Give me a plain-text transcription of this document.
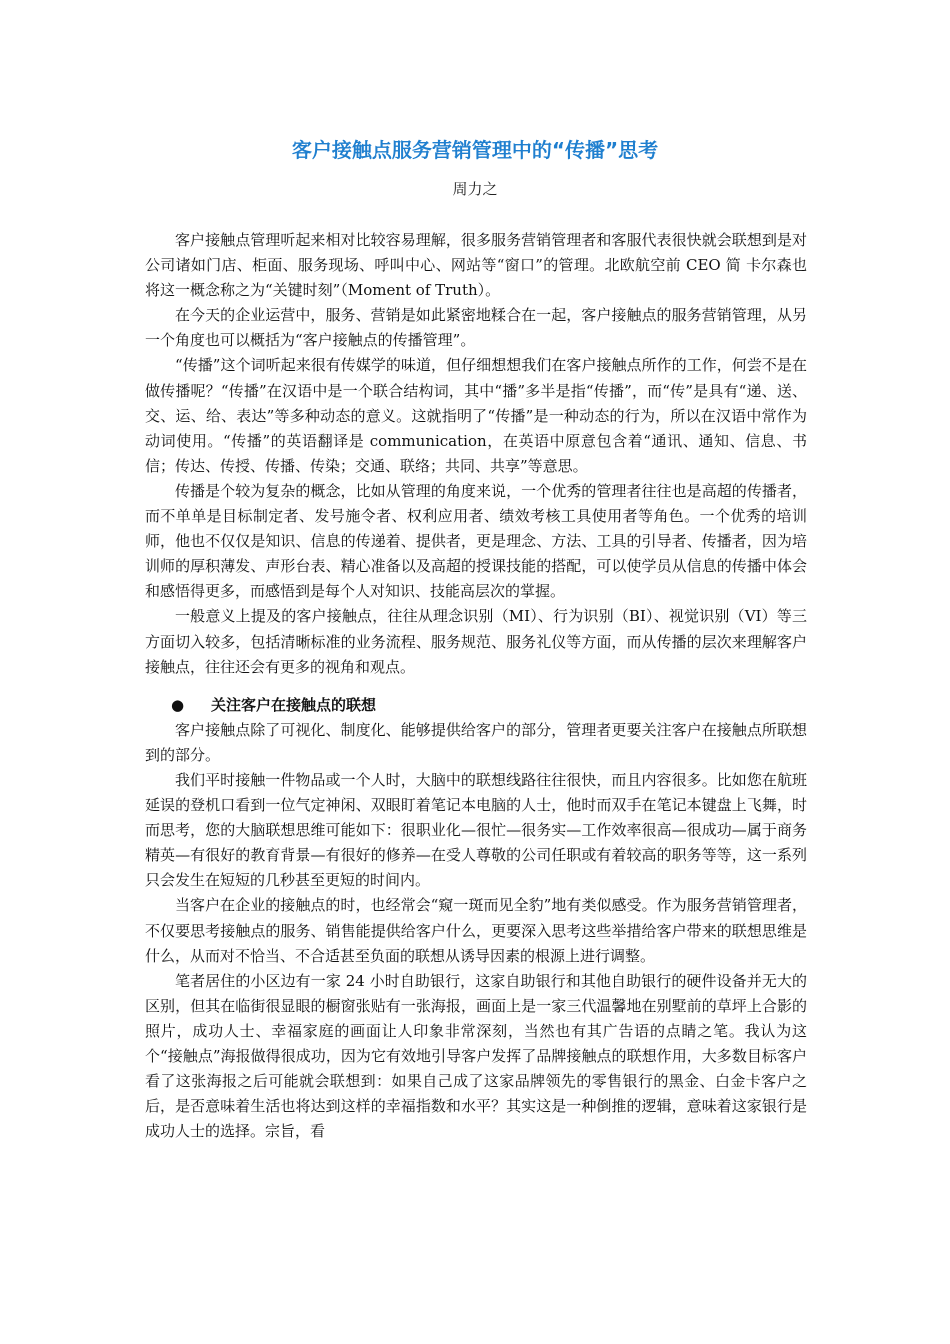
客户接触点服务营销管理中的“传播”思考
周力之

客户接触点管理听起来相对比较容易理解，很多服务营销管理者和客服代表很快就会联想到是对公司诸如门店、柜面、服务现场、呼叫中心、网站等“窗口”的管理。北欧航空前 CEO 简 卡尔森也将这一概念称之为“关键时刻”（Moment of Truth）。

在今天的企业运营中，服务、营销是如此紧密地糅合在一起，客户接触点的服务营销管理，从另一个角度也可以概括为“客户接触点的传播管理”。

“传播”这个词听起来很有传媒学的味道，但仔细想想我们在客户接触点所作的工作，何尝不是在做传播呢？“传播”在汉语中是一个联合结构词，其中“播”多半是指“传播”，而“传”是具有“递、送、交、运、给、表达”等多种动态的意义。这就指明了“传播”是一种动态的行为，所以在汉语中常作为动词使用。“传播”的英语翻译是 communication，在英语中原意包含着“通讯、通知、信息、书信；传达、传授、传播、传染；交通、联络；共同、共享”等意思。

传播是个较为复杂的概念，比如从管理的角度来说，一个优秀的管理者往往也是高超的传播者，而不单单是目标制定者、发号施令者、权利应用者、绩效考核工具使用者等角色。一个优秀的培训师，他也不仅仅是知识、信息的传递着、提供者，更是理念、方法、工具的引导者、传播者，因为培训师的厚积薄发、声形台表、精心准备以及高超的授课技能的搭配，可以使学员从信息的传播中体会和感悟得更多，而感悟到是每个人对知识、技能高层次的掌握。

一般意义上提及的客户接触点，往往从理念识别（MI）、行为识别（BI）、视觉识别（VI）等三方面切入较多，包括清晰标准的业务流程、服务规范、服务礼仪等方面，而从传播的层次来理解客户接触点，往往还会有更多的视角和观点。

● 关注客户在接触点的联想

客户接触点除了可视化、制度化、能够提供给客户的部分，管理者更要关注客户在接触点所联想到的部分。

我们平时接触一件物品或一个人时，大脑中的联想线路往往很快，而且内容很多。比如您在航班延误的登机口看到一位气定神闲、双眼盯着笔记本电脑的人士，他时而双手在笔记本键盘上飞舞，时而思考，您的大脑联想思维可能如下：很职业化—很忙—很务实—工作效率很高—很成功—属于商务精英—有很好的教育背景—有很好的修养—在受人尊敬的公司任职或有着较高的职务等等，这一系列只会发生在短短的几秒甚至更短的时间内。

当客户在企业的接触点的时，也经常会“窥一斑而见全豹”地有类似感受。作为服务营销管理者，不仅要思考接触点的服务、销售能提供给客户什么，更要深入思考这些举措给客户带来的联想思维是什么，从而对不恰当、不合适甚至负面的联想从诱导因素的根源上进行调整。

笔者居住的小区边有一家 24 小时自助银行，这家自助银行和其他自助银行的硬件设备并无大的区别，但其在临街很显眼的橱窗张贴有一张海报，画面上是一家三代温馨地在别墅前的草坪上合影的照片，成功人士、幸福家庭的画面让人印象非常深刻，当然也有其广告语的点睛之笔。我认为这个“接触点”海报做得很成功，因为它有效地引导客户发挥了品牌接触点的联想作用，大多数目标客户看了这张海报之后可能就会联想到：如果自己成了这家品牌领先的零售银行的黑金、白金卡客户之后，是否意味着生活也将达到这样的幸福指数和水平？其实这是一种倒推的逻辑，意味着这家银行是成功人士的选择。宗旨，看
